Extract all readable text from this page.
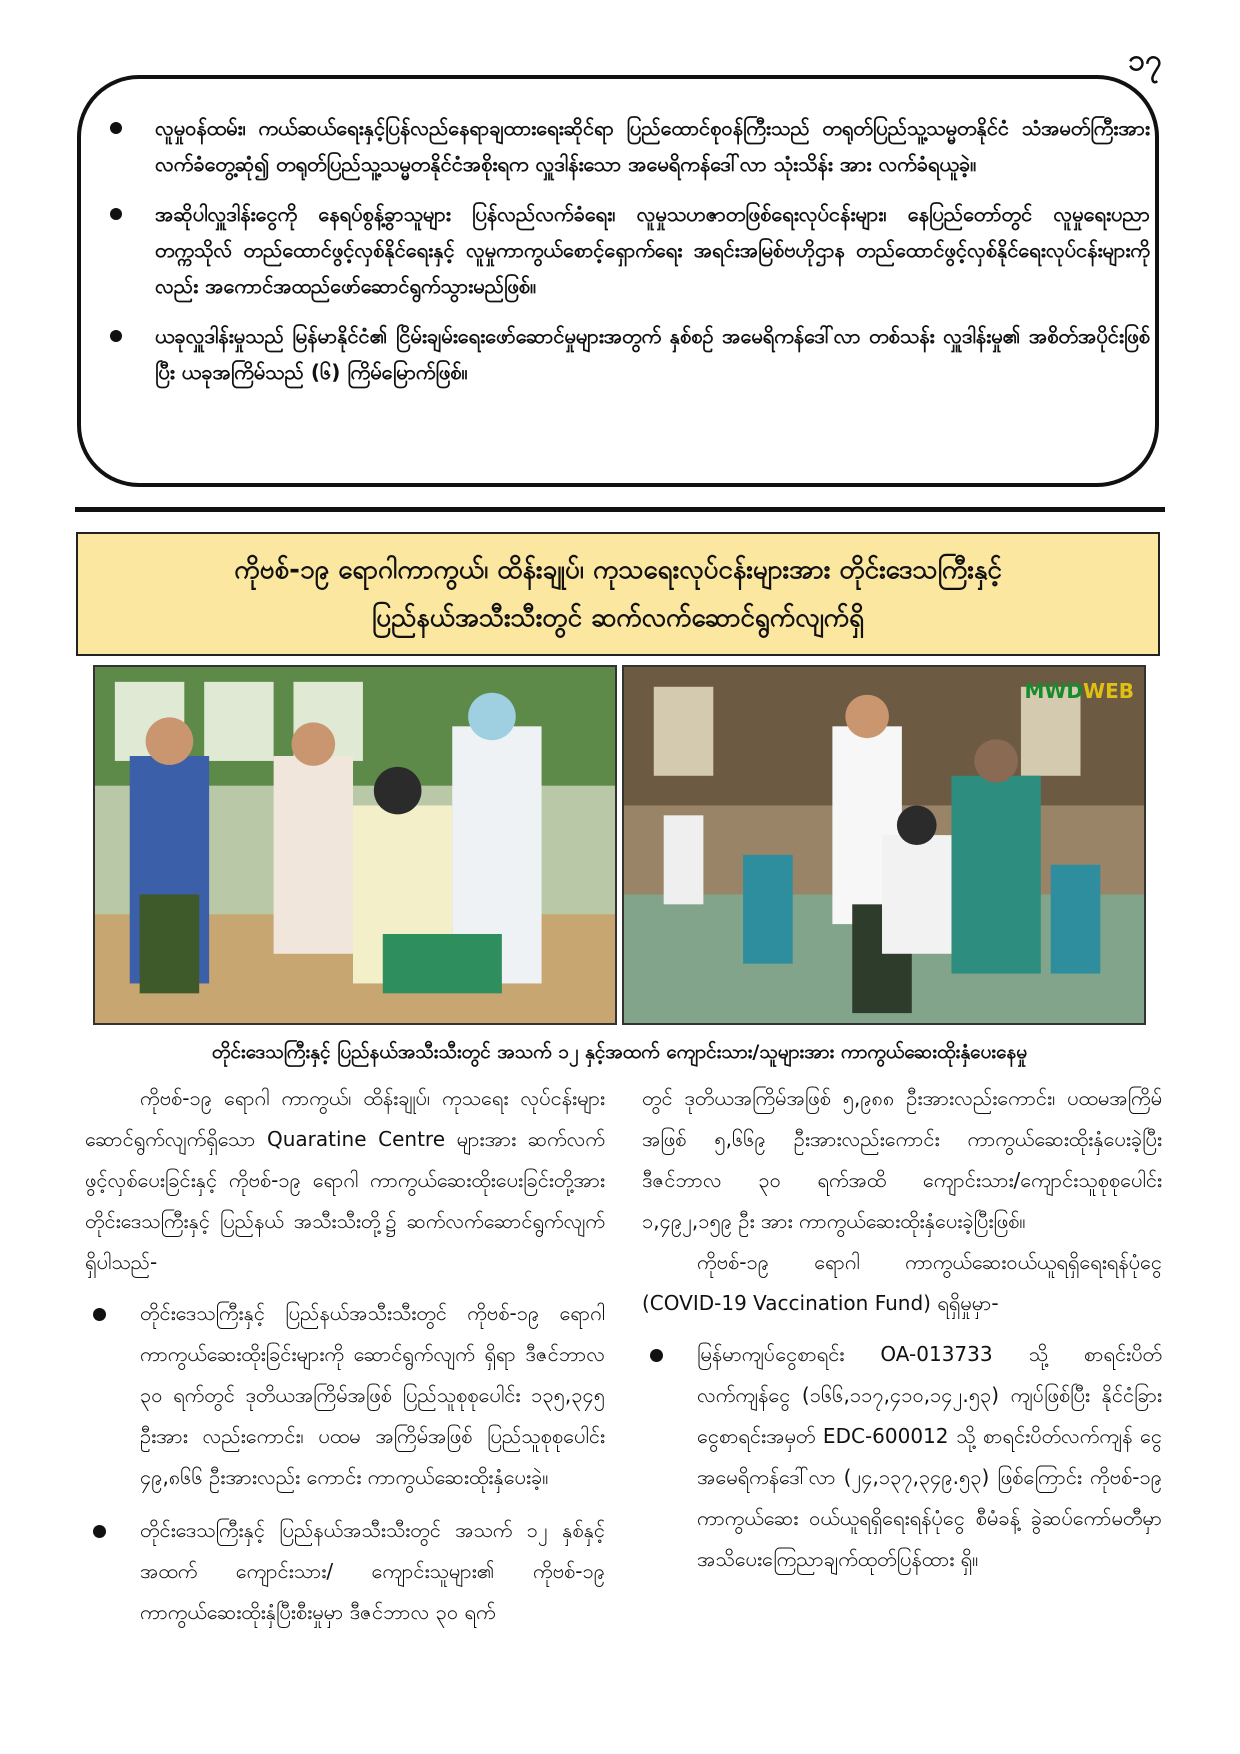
၁၇
လူမှုဝန်ထမ်း၊ ကယ်ဆယ်ရေးနှင့်ပြန်လည်နေရာချထားရေးဆိုင်ရာ ပြည်ထောင်စုဝန်ကြီးသည် တရုတ်ပြည်သူ့သမ္မတနိုင်ငံ သံအမတ်ကြီးအား လက်ခံတွေ့ဆုံ၍ တရုတ်ပြည်သူ့သမ္မတနိုင်ငံအစိုးရက လှူဒါန်းသော အမေရိကန်ဒေါ်လာ သုံးသိန်း အား လက်ခံရယူခဲ့။
အဆိုပါလှူဒါန်းငွေကို နေရပ်စွန့်ခွာသူများ ပြန်လည်လက်ခံရေး၊ လူမှုသဟဇာတဖြစ်ရေးလုပ်ငန်းများ၊ နေပြည်တော်တွင် လူမှုရေးပညာတက္ကသိုလ် တည်ထောင်ဖွင့်လှစ်နိုင်ရေးနှင့် လူမှုကာကွယ်စောင့်ရှောက်ရေး အရင်းအမြစ်ဗဟိုဌာန တည်ထောင်ဖွင့်လှစ်နိုင်ရေးလုပ်ငန်းများကိုလည်း အကောင်အထည်ဖော်ဆောင်ရွက်သွားမည်ဖြစ်။
ယခုလှူဒါန်းမှုသည် မြန်မာနိုင်ငံ၏ ငြိမ်းချမ်းရေးဖော်ဆောင်မှုများအတွက် နှစ်စဉ် အမေရိကန်ဒေါ်လာ တစ်သန်း လှူဒါန်းမှု၏ အစိတ်အပိုင်းဖြစ်ပြီး ယခုအကြိမ်သည် (၆) ကြိမ်မြောက်ဖြစ်။
ကိုဗစ်-၁၉ ရောဂါကာကွယ်၊ ထိန်းချုပ်၊ ကုသရေးလုပ်ငန်းများအား တိုင်းဒေသကြီးနှင့်
ပြည်နယ်အသီးသီးတွင် ဆက်လက်ဆောင်ရွက်လျက်ရှိ
MWDWEB
တိုင်းဒေသကြီးနှင့် ပြည်နယ်အသီးသီးတွင် အသက် ၁၂ နှင့်အထက် ကျောင်းသား/သူများအား ကာကွယ်ဆေးထိုးနှံပေးနေမှု

ကိုဗစ်-၁၉ ရောဂါ ကာကွယ်၊ ထိန်းချုပ်၊ ကုသရေး လုပ်ငန်းများ ဆောင်ရွက်လျက်ရှိသော Quaratine Centre များအား ဆက်လက်ဖွင့်လှစ်ပေးခြင်းနှင့် ကိုဗစ်-၁၉ ရောဂါ ကာကွယ်ဆေးထိုးပေးခြင်းတို့အား တိုင်းဒေသကြီးနှင့် ပြည်နယ် အသီးသီးတို့၌ ဆက်လက်ဆောင်ရွက်လျက်ရှိပါသည်-

တိုင်းဒေသကြီးနှင့် ပြည်နယ်အသီးသီးတွင် ကိုဗစ်-၁၉ ရောဂါ ကာကွယ်ဆေးထိုးခြင်းများကို ဆောင်ရွက်လျက် ရှိရာ ဒီဇင်ဘာလ ၃၀ ရက်တွင် ဒုတိယအကြိမ်အဖြစ် ပြည်သူစုစုပေါင်း ၁၃၅,၃၄၅ ဦးအား လည်းကောင်း၊ ပထမ အကြိမ်အဖြစ် ပြည်သူစုစုပေါင်း ၄၉,၈၆၆ ဦးအားလည်း ကောင်း ကာကွယ်ဆေးထိုးနှံပေးခဲ့။
တိုင်းဒေသကြီးနှင့် ပြည်နယ်အသီးသီးတွင် အသက် ၁၂ နှစ်နှင့်အထက် ကျောင်းသား/ ကျောင်းသူများ၏ ကိုဗစ်-၁၉ ကာကွယ်ဆေးထိုးနှံပြီးစီးမှုမှာ ဒီဇင်ဘာလ ၃၀ ရက်

တွင် ဒုတိယအကြိမ်အဖြစ် ၅,၉၈၈ ဦးအားလည်းကောင်း၊ ပထမအကြိမ်အဖြစ် ၅,၆၆၉ ဦးအားလည်းကောင်း ကာကွယ်ဆေးထိုးနှံပေးခဲ့ပြီး ဒီဇင်ဘာလ ၃၀ ရက်အထိ ကျောင်းသား/ကျောင်းသူစုစုပေါင်း ၁,၄၉၂,၁၅၉ ဦး အား ကာကွယ်ဆေးထိုးနှံပေးခဲ့ပြီးဖြစ်။

ကိုဗစ်-၁၉ ရောဂါ ကာကွယ်ဆေးဝယ်ယူရရှိရေးရန်ပုံငွေ (COVID-19 Vaccination Fund) ရရှိမှုမှာ-

မြန်မာကျပ်ငွေစာရင်း OA-013733 သို့ စာရင်းပိတ်လက်ကျန်ငွေ (၁၆၆,၁၁၇,၄၁၀,၁၄၂.၅၃) ကျပ်ဖြစ်ပြီး နိုင်ငံခြား ငွေစာရင်းအမှတ် EDC-600012 သို့ စာရင်းပိတ်လက်ကျန် ငွေ အမေရိကန်ဒေါ်လာ (၂၄,၁၃၇,၃၄၉.၅၃) ဖြစ်ကြောင်း ကိုဗစ်-၁၉ ကာကွယ်ဆေး ဝယ်ယူရရှိရေးရန်ပုံငွေ စီမံခန့် ခွဲဆပ်ကော်မတီမှာ အသိပေးကြေညာချက်ထုတ်ပြန်ထား ရှိ။
